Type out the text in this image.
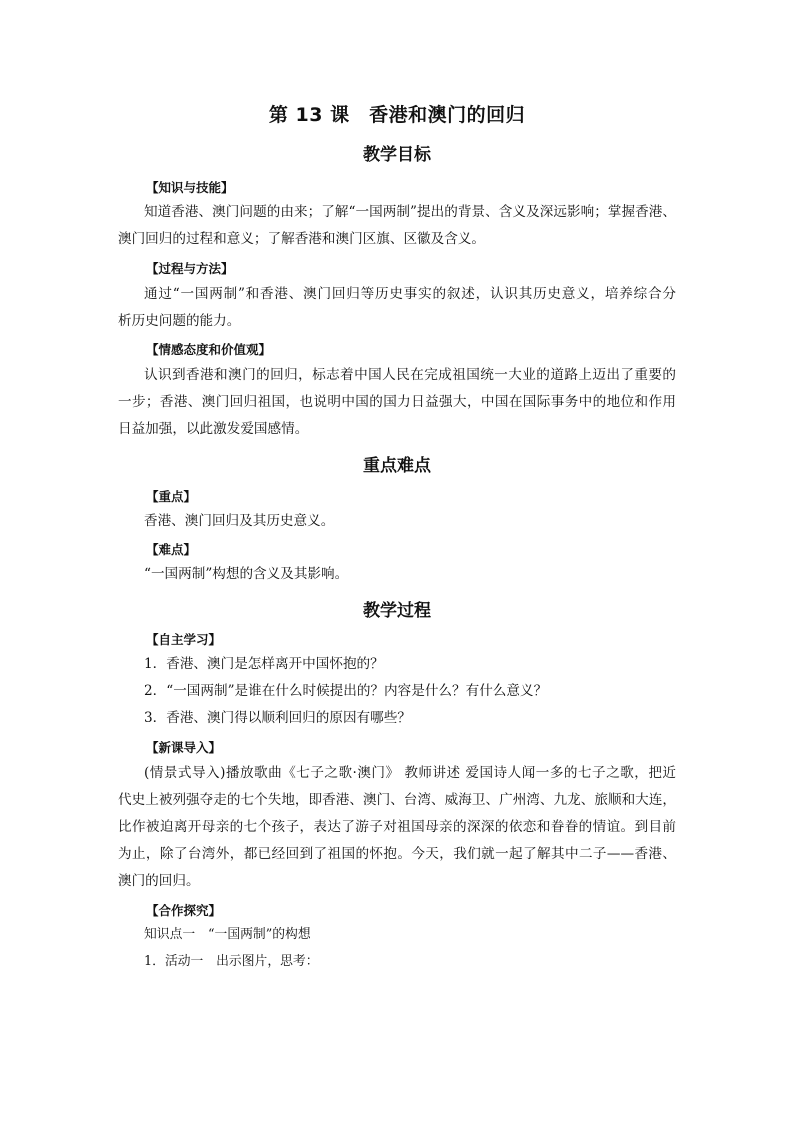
第 13 课　香港和澳门的回归
教学目标

【知识与技能】

知道香港、澳门问题的由来；了解“一国两制”提出的背景、含义及深远影响；掌握香港、

澳门回归的过程和意义；了解香港和澳门区旗、区徽及含义。

【过程与方法】

通过“一国两制”和香港、澳门回归等历史事实的叙述，认识其历史意义，培养综合分

析历史问题的能力。

【情感态度和价值观】

认识到香港和澳门的回归，标志着中国人民在完成祖国统一大业的道路上迈出了重要的

一步；香港、澳门回归祖国，也说明中国的国力日益强大，中国在国际事务中的地位和作用

日益加强，以此激发爱国感情。

重点难点

【重点】

香港、澳门回归及其历史意义。

【难点】

“一国两制”构想的含义及其影响。

教学过程

【自主学习】

1．香港、澳门是怎样离开中国怀抱的？

2．“一国两制”是谁在什么时候提出的？内容是什么？有什么意义？

3．香港、澳门得以顺利回归的原因有哪些？

【新课导入】

(情景式导入)播放歌曲《七子之歌·澳门》 教师讲述 爱国诗人闻一多的七子之歌，把近

代史上被列强夺走的七个失地，即香港、澳门、台湾、威海卫、广州湾、九龙、旅顺和大连，

比作被迫离开母亲的七个孩子，表达了游子对祖国母亲的深深的依恋和眷眷的情谊。到目前

为止，除了台湾外，都已经回到了祖国的怀抱。今天，我们就一起了解其中二子——香港、

澳门的回归。

【合作探究】

知识点一　“一国两制”的构想

1．活动一　出示图片，思考：
